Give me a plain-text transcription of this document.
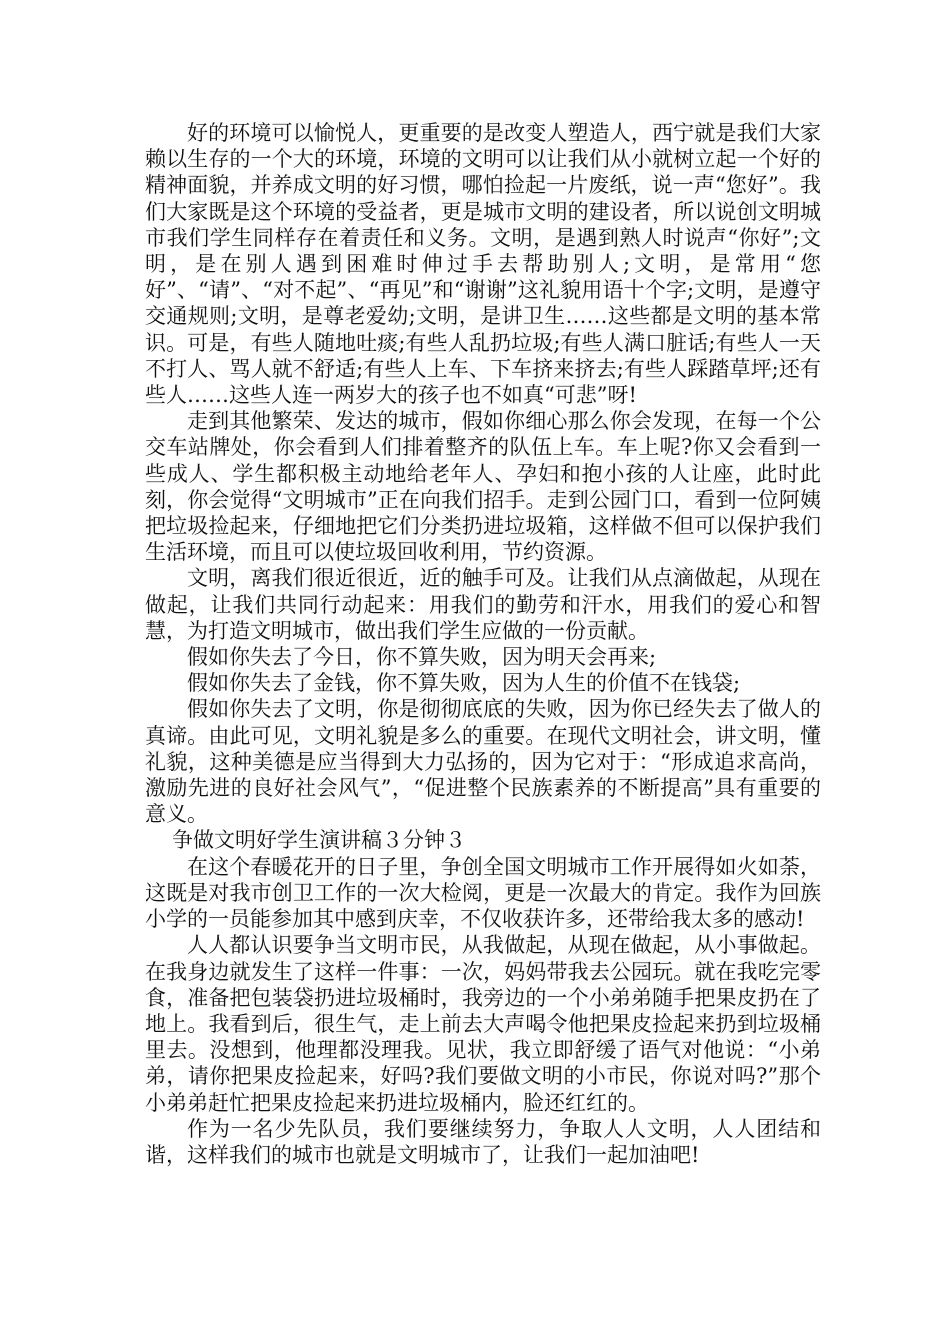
好的环境可以愉悦人，更重要的是改变人塑造人，西宁就是我们大家赖以生存的一个大的环境，环境的文明可以让我们从小就树立起一个好的精神面貌，并养成文明的好习惯，哪怕捡起一片废纸，说一声“您好”。我们大家既是这个环境的受益者，更是城市文明的建设者，所以说创文明城市我们学生同样存在着责任和义务。文明，是遇到熟人时说声“你好”;文明，是在别人遇到困难时伸过手去帮助别人;文明，是常用“您好”、“请”、“对不起”、“再见”和“谢谢”这礼貌用语十个字;文明，是遵守交通规则;文明，是尊老爱幼;文明，是讲卫生……这些都是文明的基本常识。可是，有些人随地吐痰;有些人乱扔垃圾;有些人满口脏话;有些人一天不打人、骂人就不舒适;有些人上车、下车挤来挤去;有些人踩踏草坪;还有些人……这些人连一两岁大的孩子也不如真“可悲”呀!

走到其他繁荣、发达的城市，假如你细心那么你会发现，在每一个公交车站牌处，你会看到人们排着整齐的队伍上车。车上呢?你又会看到一些成人、学生都积极主动地给老年人、孕妇和抱小孩的人让座，此时此刻，你会觉得“文明城市”正在向我们招手。走到公园门口，看到一位阿姨把垃圾捡起来，仔细地把它们分类扔进垃圾箱，这样做不但可以保护我们生活环境，而且可以使垃圾回收利用，节约资源。

文明，离我们很近很近，近的触手可及。让我们从点滴做起，从现在做起，让我们共同行动起来：用我们的勤劳和汗水，用我们的爱心和智慧，为打造文明城市，做出我们学生应做的一份贡献。

假如你失去了今日，你不算失败，因为明天会再来;

假如你失去了金钱，你不算失败，因为人生的价值不在钱袋;

假如你失去了文明，你是彻彻底底的失败，因为你已经失去了做人的真谛。由此可见，文明礼貌是多么的重要。在现代文明社会，讲文明，懂礼貌，这种美德是应当得到大力弘扬的，因为它对于：“形成追求高尚，激励先进的良好社会风气”，“促进整个民族素养的不断提高”具有重要的意义。

争做文明好学生演讲稿３分钟３

在这个春暖花开的日子里，争创全国文明城市工作开展得如火如荼，这既是对我市创卫工作的一次大检阅，更是一次最大的肯定。我作为回族小学的一员能参加其中感到庆幸，不仅收获许多，还带给我太多的感动!

人人都认识要争当文明市民，从我做起，从现在做起，从小事做起。在我身边就发生了这样一件事：一次，妈妈带我去公园玩。就在我吃完零食，准备把包装袋扔进垃圾桶时，我旁边的一个小弟弟随手把果皮扔在了地上。我看到后，很生气，走上前去大声喝令他把果皮捡起来扔到垃圾桶里去。没想到，他理都没理我。见状，我立即舒缓了语气对他说：“小弟弟，请你把果皮捡起来，好吗?我们要做文明的小市民，你说对吗?”那个小弟弟赶忙把果皮捡起来扔进垃圾桶内，脸还红红的。

作为一名少先队员，我们要继续努力，争取人人文明，人人团结和谐，这样我们的城市也就是文明城市了，让我们一起加油吧!
